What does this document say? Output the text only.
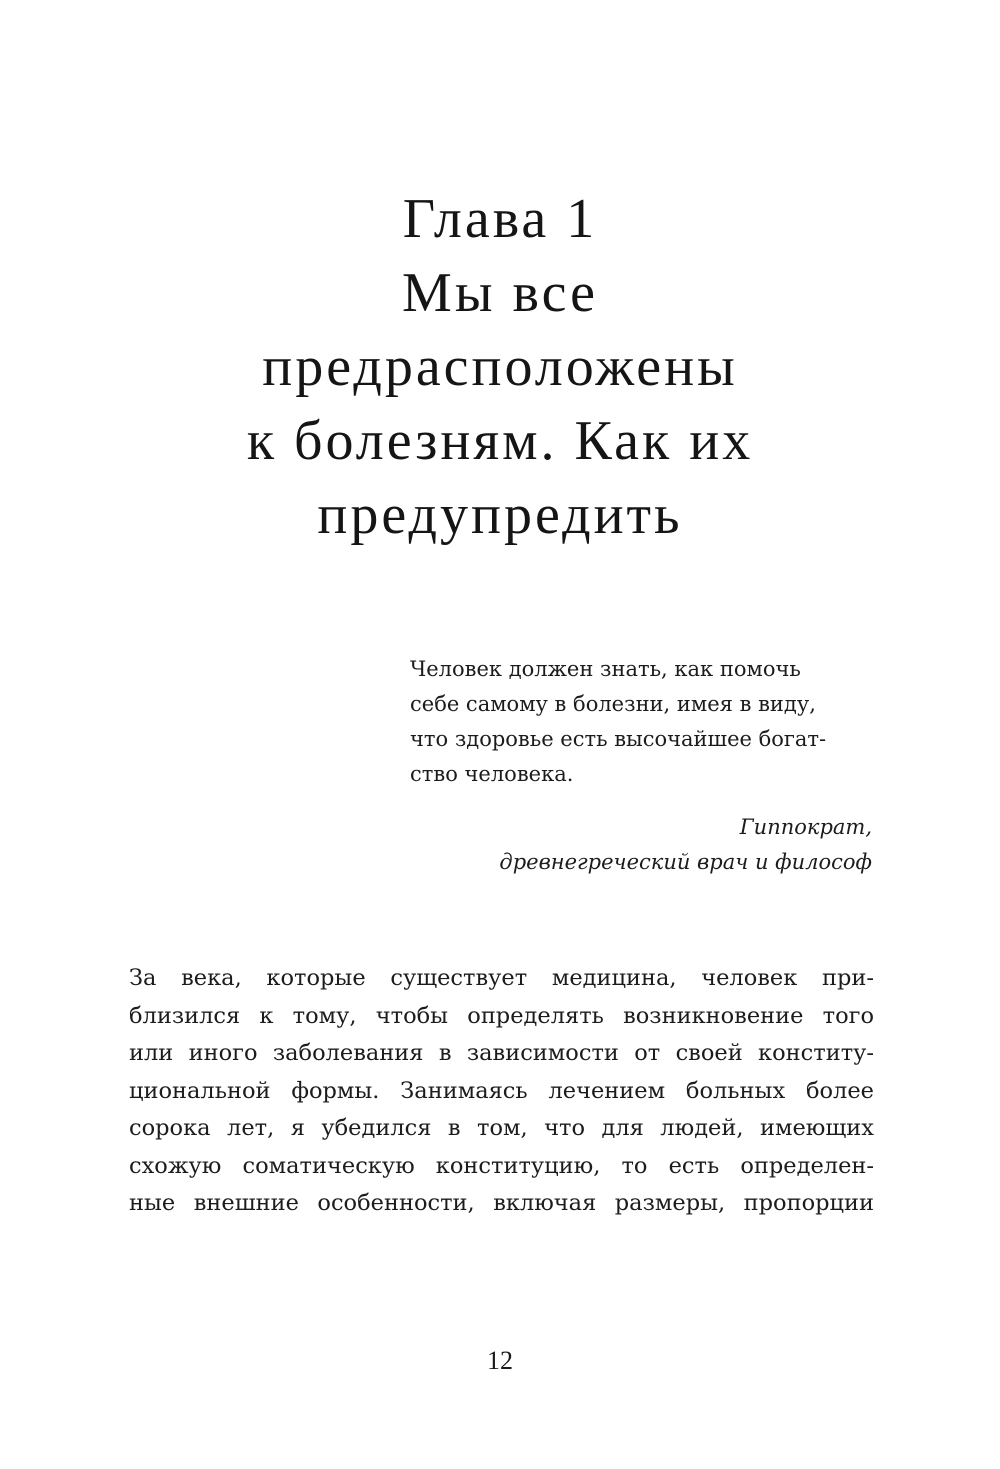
Глава 1
Мы все
предрасположены
к болезням. Как их
предупредить
Человек должен знать, как помочь
себе самому в болезни, имея в виду,
что здоровье есть высочайшее богат-
ство человека.
Гиппократ,
древнегреческий врач и философ
За века, которые существует медицина, человек при-
близился к тому, чтобы определять возникновение того
или иного заболевания в зависимости от своей конститу-
циональной формы. Занимаясь лечением больных более
сорока лет, я убедился в том, что для людей, имеющих
схожую соматическую конституцию, то есть определен-
ные внешние особенности, включая размеры, пропорции
12
